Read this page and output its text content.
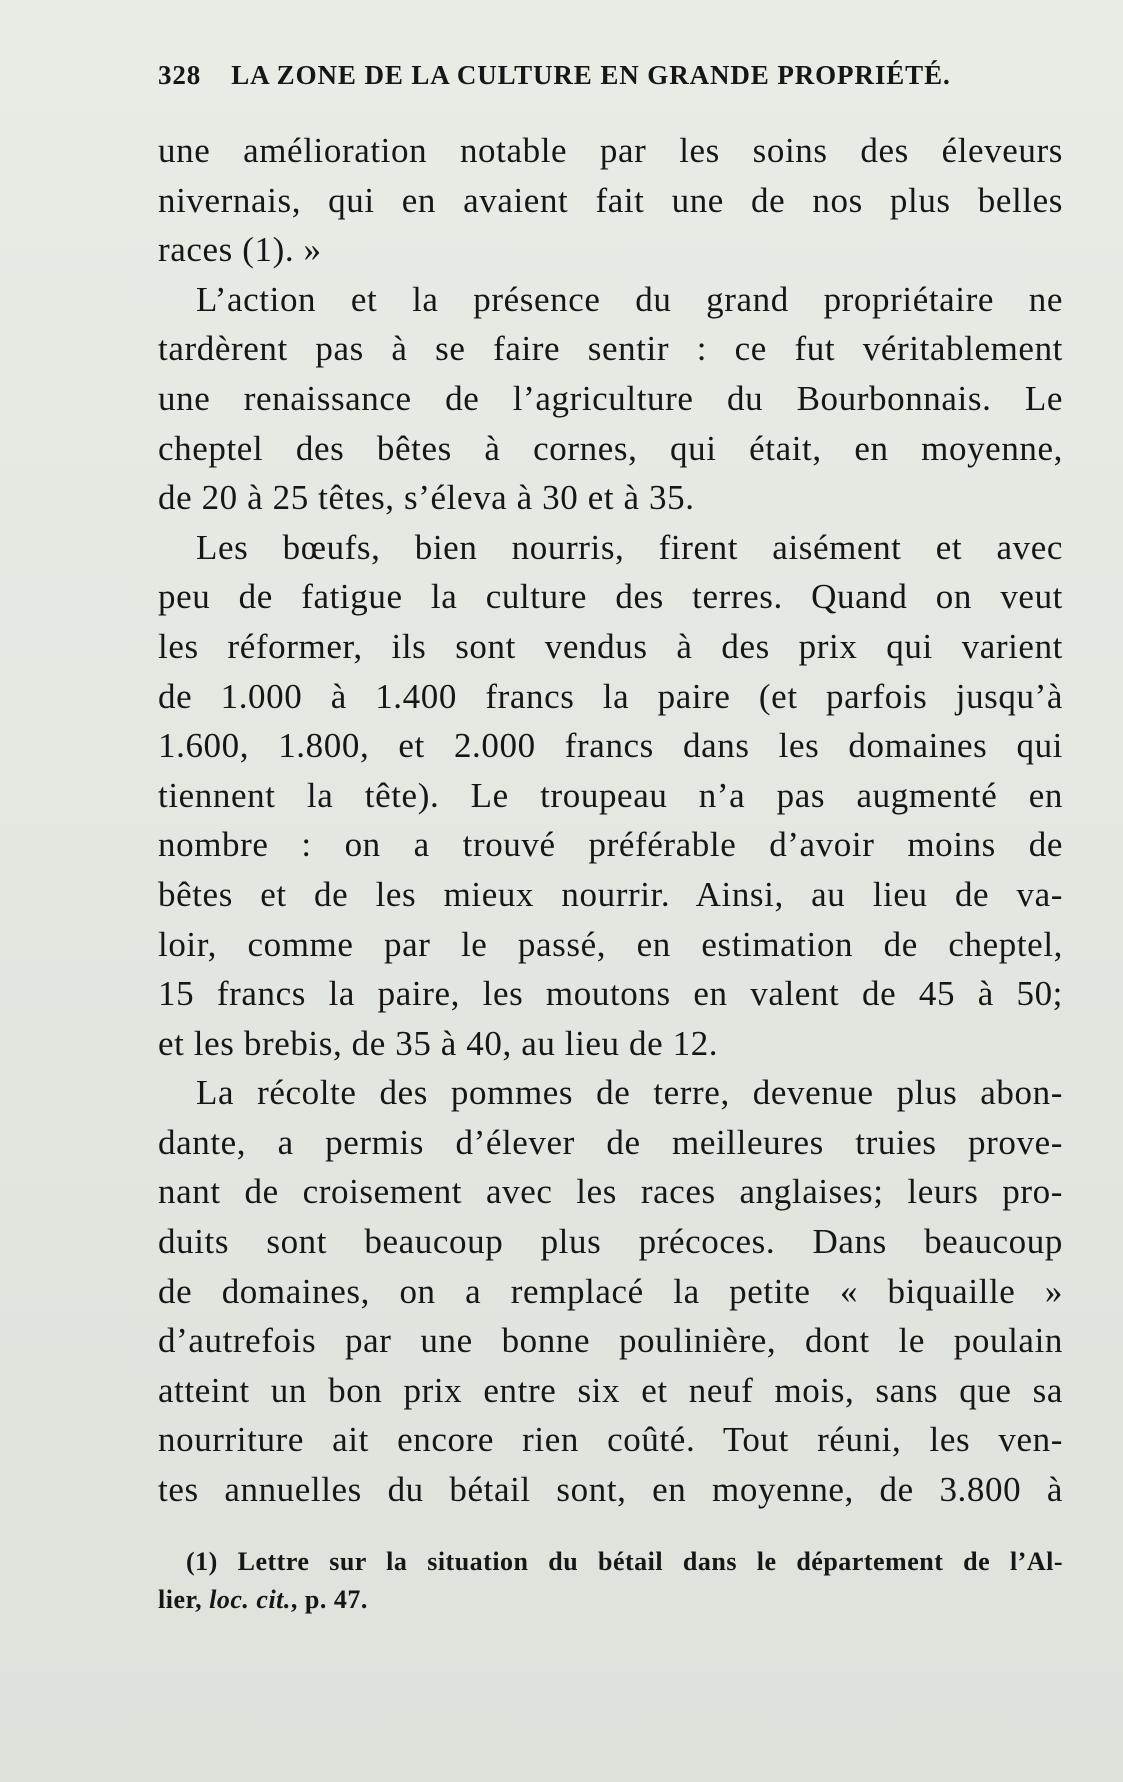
328 LA ZONE DE LA CULTURE EN GRANDE PROPRIÉTÉ.
une amélioration notable par les soins des éleveurs
nivernais, qui en avaient fait une de nos plus belles
races (1). »
L’action et la présence du grand propriétaire ne
tardèrent pas à se faire sentir : ce fut véritablement
une renaissance de l’agriculture du Bourbonnais. Le
cheptel des bêtes à cornes, qui était, en moyenne,
de 20 à 25 têtes, s’éleva à 30 et à 35.
Les bœufs, bien nourris, firent aisément et avec
peu de fatigue la culture des terres. Quand on veut
les réformer, ils sont vendus à des prix qui varient
de 1.000 à 1.400 francs la paire (et parfois jusqu’à
1.600, 1.800, et 2.000 francs dans les domaines qui
tiennent la tête). Le troupeau n’a pas augmenté en
nombre : on a trouvé préférable d’avoir moins de
bêtes et de les mieux nourrir. Ainsi, au lieu de va-
loir, comme par le passé, en estimation de cheptel,
15 francs la paire, les moutons en valent de 45 à 50;
et les brebis, de 35 à 40, au lieu de 12.
La récolte des pommes de terre, devenue plus abon-
dante, a permis d’élever de meilleures truies prove-
nant de croisement avec les races anglaises; leurs pro-
duits sont beaucoup plus précoces. Dans beaucoup
de domaines, on a remplacé la petite « biquaille »
d’autrefois par une bonne poulinière, dont le poulain
atteint un bon prix entre six et neuf mois, sans que sa
nourriture ait encore rien coûté. Tout réuni, les ven-
tes annuelles du bétail sont, en moyenne, de 3.800 à
(1) Lettre sur la situation du bétail dans le département de l’Al-
lier, loc. cit., p. 47.
